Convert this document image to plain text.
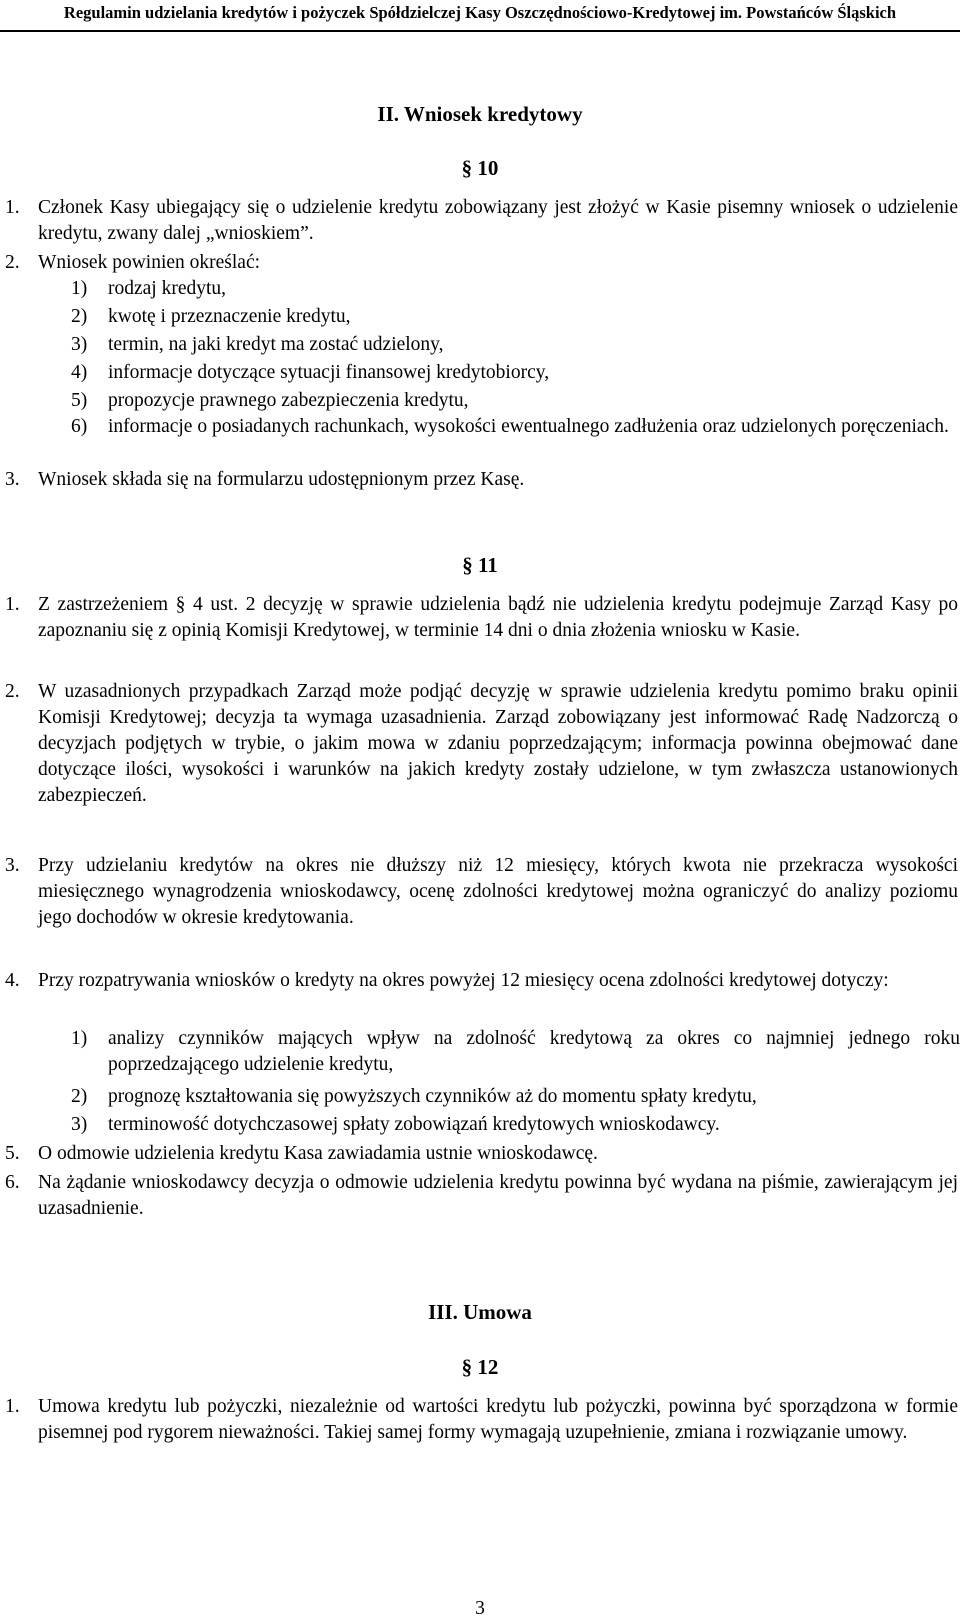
Regulamin udzielania kredytów i pożyczek Spółdzielczej Kasy Oszczędnościowo-Kredytowej im. Powstańców Śląskich
II. Wniosek kredytowy
§ 10
1. Członek Kasy ubiegający się o udzielenie kredytu zobowiązany jest złożyć w Kasie pisemny wniosek o udzielenie kredytu, zwany dalej „wnioskiem”.
2. Wniosek powinien określać:
1) rodzaj kredytu,
2) kwotę i przeznaczenie kredytu,
3) termin, na jaki kredyt ma zostać udzielony,
4) informacje dotyczące sytuacji finansowej kredytobiorcy,
5) propozycje prawnego zabezpieczenia kredytu,
6) informacje o posiadanych rachunkach, wysokości ewentualnego zadłużenia oraz udzielonych poręczeniach.
3. Wniosek składa się na formularzu udostępnionym przez Kasę.
§ 11
1. Z zastrzeżeniem § 4 ust. 2 decyzję w sprawie udzielenia bądź nie udzielenia kredytu podejmuje Zarząd Kasy po zapoznaniu się z opinią Komisji Kredytowej, w terminie 14 dni o dnia złożenia wniosku w Kasie.
2. W uzasadnionych przypadkach Zarząd może podjąć decyzję w sprawie udzielenia kredytu pomimo braku opinii Komisji Kredytowej; decyzja ta wymaga uzasadnienia. Zarząd zobowiązany jest informować Radę Nadzorczą o decyzjach podjętych w trybie, o jakim mowa w zdaniu poprzedzającym; informacja powinna obejmować dane dotyczące ilości, wysokości i warunków na jakich kredyty zostały udzielone, w tym zwłaszcza ustanowionych zabezpieczeń.
3. Przy udzielaniu kredytów na okres nie dłuższy niż 12 miesięcy, których kwota nie przekracza wysokości miesięcznego wynagrodzenia wnioskodawcy, ocenę zdolności kredytowej można ograniczyć do analizy poziomu jego dochodów w okresie kredytowania.
4. Przy rozpatrywania wniosków o kredyty na okres powyżej 12 miesięcy ocena zdolności kredytowej dotyczy:
1) analizy czynników mających wpływ na zdolność kredytową za okres co najmniej jednego roku poprzedzającego udzielenie kredytu,
2) prognozę kształtowania się powyższych czynników aż do momentu spłaty kredytu,
3) terminowość dotychczasowej spłaty zobowiązań kredytowych wnioskodawcy.
5. O odmowie udzielenia kredytu Kasa zawiadamia ustnie wnioskodawcę.
6. Na żądanie wnioskodawcy decyzja o odmowie udzielenia kredytu powinna być wydana na piśmie, zawierającym jej uzasadnienie.
III. Umowa
§ 12
1. Umowa kredytu lub pożyczki, niezależnie od wartości kredytu lub pożyczki, powinna być sporządzona w formie pisemnej pod rygorem nieważności. Takiej samej formy wymagają uzupełnienie, zmiana i rozwiązanie umowy.
3
